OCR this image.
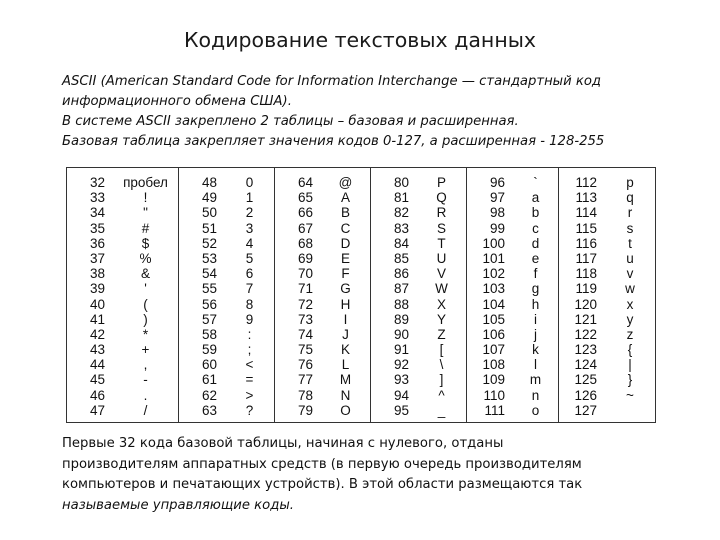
Кодирование текстовых данных
ASCII (American Standard Code for Information Interchange — стандартный код
информационного обмена США).
В системе ASCII закреплено 2 таблицы – базовая и расширенная.
Базовая таблица закрепляет значения кодов 0-127, а расширенная - 128-255
32
33
34
35
36
37
38
39
40
41
42
43
44
45
46
47
пробел
!
"
#
$
%
&
'
(
)
*
+
,
-
.
/
48
49
50
51
52
53
54
55
56
57
58
59
60
61
62
63
0
1
2
3
4
5
6
7
8
9
:
;
<
=
>
?
64
65
66
67
68
69
70
71
72
73
74
75
76
77
78
79
@
A
B
C
D
E
F
G
H
I
J
K
L
M
N
O
80
81
82
83
84
85
86
87
88
89
90
91
92
93
94
95
P
Q
R
S
T
U
V
W
X
Y
Z
[
\
]
^
_
96
97
98
99
100
101
102
103
104
105
106
107
108
109
110
111
`
a
b
c
d
e
f
g
h
i
j
k
l
m
n
o
112
113
114
115
116
117
118
119
120
121
122
123
124
125
126
127
p
q
r
s
t
u
v
w
x
y
z
{
|
}
~
Первые 32 кода базовой таблицы, начиная с нулевого, отданы
производителям аппаратных средств (в первую очередь производителям
компьютеров и печатающих устройств). В этой области размещаются так
называемые управляющие коды.
